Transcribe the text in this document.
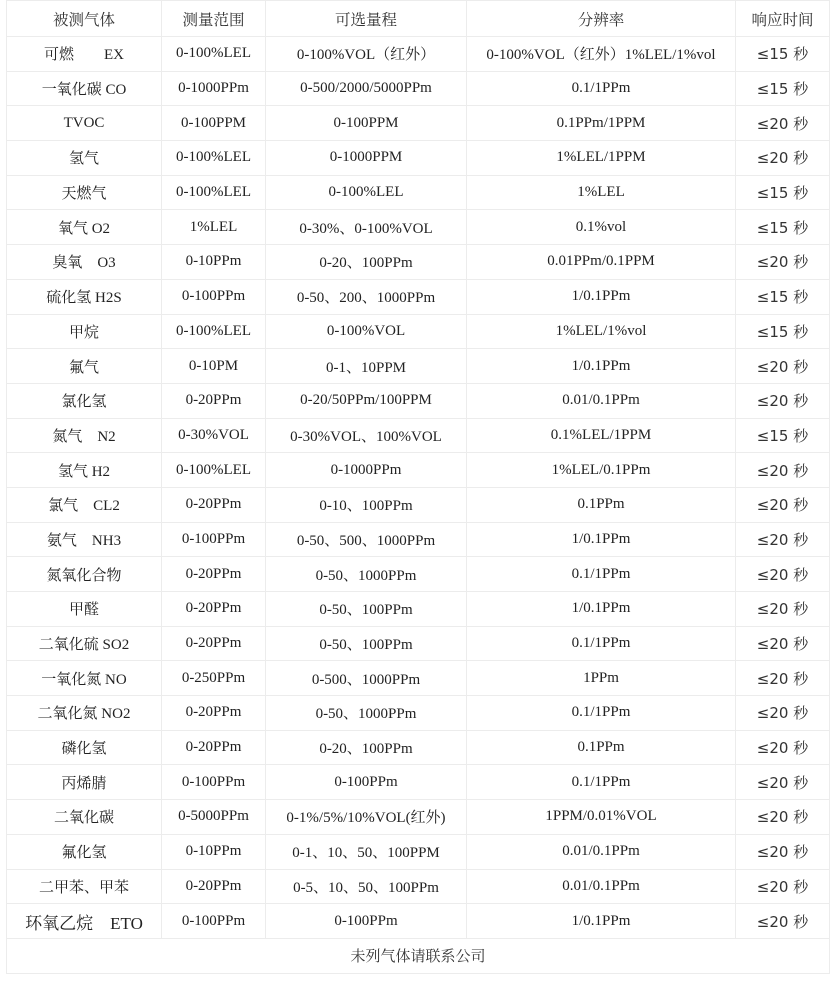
被测气体	测量范围	可选量程	分辨率	响应时间
可燃　　EX	0-100%LEL	0-100%VOL（红外）	0-100%VOL（红外）1%LEL/1%vol	≤15 秒
一氧化碳 CO	0-1000PPm	0-500/2000/5000PPm	0.1/1PPm	≤15 秒
TVOC	0-100PPM	0-100PPM	0.1PPm/1PPM	≤20 秒
氢气	0-100%LEL	0-1000PPM	1%LEL/1PPM	≤20 秒
天燃气	0-100%LEL	0-100%LEL	1%LEL	≤15 秒
氧气 O2	1%LEL	0-30%、0-100%VOL	0.1%vol	≤15 秒
臭氧　O3	0-10PPm	0-20、100PPm	0.01PPm/0.1PPM	≤20 秒
硫化氢 H2S	0-100PPm	0-50、200、1000PPm	1/0.1PPm	≤15 秒
甲烷	0-100%LEL	0-100%VOL	1%LEL/1%vol	≤15 秒
氟气	0-10PM	0-1、10PPM	1/0.1PPm	≤20 秒
氯化氢	0-20PPm	0-20/50PPm/100PPM	0.01/0.1PPm	≤20 秒
氮气　N2	0-30%VOL	0-30%VOL、100%VOL	0.1%LEL/1PPM	≤15 秒
氢气 H2	0-100%LEL	0-1000PPm	1%LEL/0.1PPm	≤20 秒
氯气　CL2	0-20PPm	0-10、100PPm	0.1PPm	≤20 秒
氨气　NH3	0-100PPm	0-50、500、1000PPm	1/0.1PPm	≤20 秒
氮氧化合物	0-20PPm	0-50、1000PPm	0.1/1PPm	≤20 秒
甲醛	0-20PPm	0-50、100PPm	1/0.1PPm	≤20 秒
二氧化硫 SO2	0-20PPm	0-50、100PPm	0.1/1PPm	≤20 秒
一氧化氮 NO	0-250PPm	0-500、1000PPm	1PPm	≤20 秒
二氧化氮 NO2	0-20PPm	0-50、1000PPm	0.1/1PPm	≤20 秒
磷化氢	0-20PPm	0-20、100PPm	0.1PPm	≤20 秒
丙烯腈	0-100PPm	0-100PPm	0.1/1PPm	≤20 秒
二氧化碳	0-5000PPm	0-1%/5%/10%VOL(红外)	1PPM/0.01%VOL	≤20 秒
氟化氢	0-10PPm	0-1、10、50、100PPM	0.01/0.1PPm	≤20 秒
二甲苯、甲苯	0-20PPm	0-5、10、50、100PPm	0.01/0.1PPm	≤20 秒
环氧乙烷　ETO	0-100PPm	0-100PPm	1/0.1PPm	≤20 秒
未列气体请联系公司				
